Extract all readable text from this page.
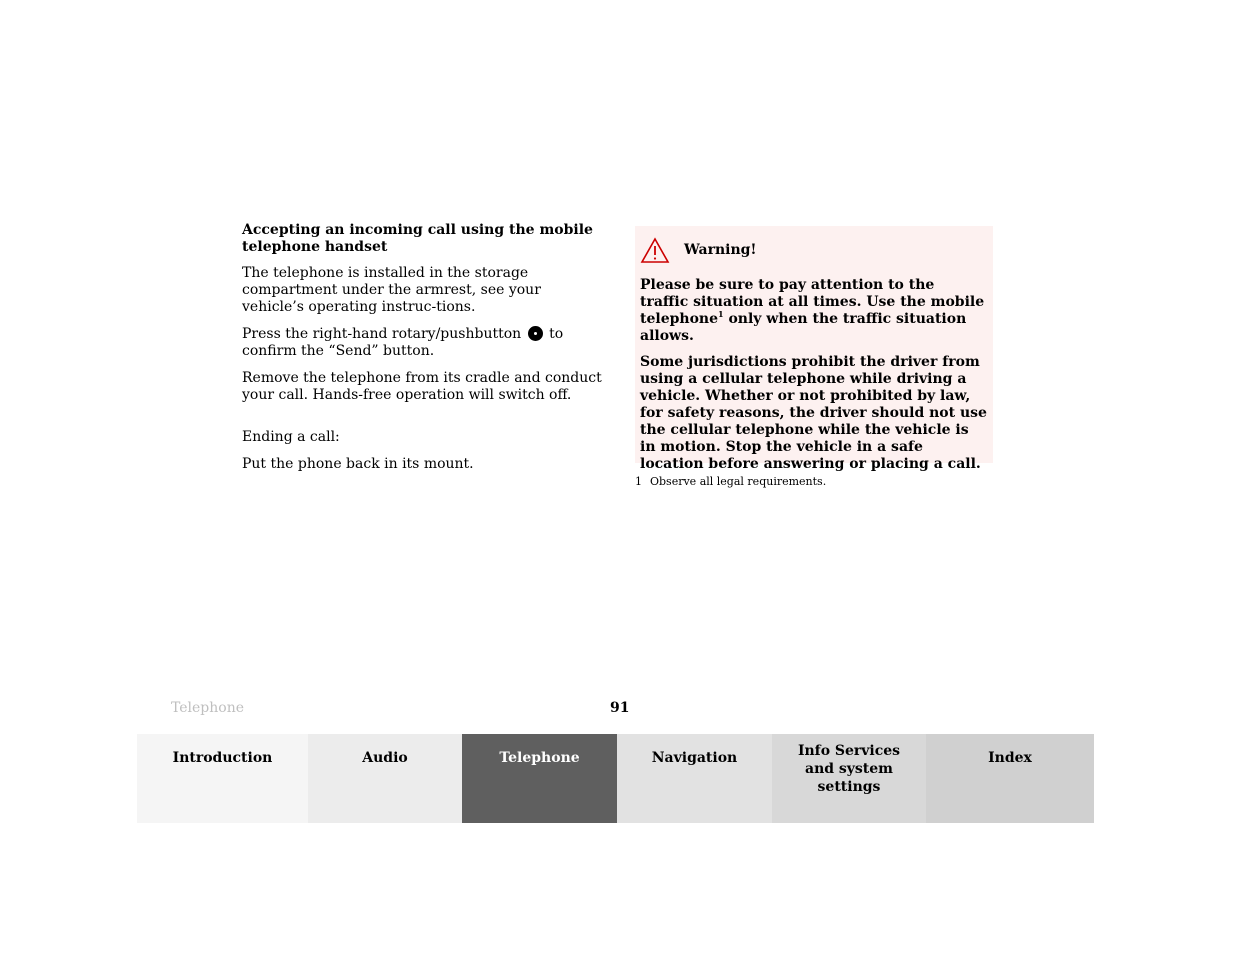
Accepting an incoming call using the mobile telephone handset

The telephone is installed in the storage compartment under the armrest, see your vehicle’s operating instruc-tions.

Press the right-hand rotary/pushbutton to confirm the “Send” button.

Remove the telephone from its cradle and conduct your call. Hands-free operation will switch off.

Ending a call:

Put the phone back in its mount.

Warning!

Please be sure to pay attention to the traffic situation at all times. Use the mobile telephone$^1$ only when the traffic situation allows.

Some jurisdictions prohibit the driver from using a cellular telephone while driving a vehicle. Whether or not prohibited by law, for safety reasons, the driver should not use the cellular telephone while the vehicle is in motion. Stop the vehicle in a safe location before answering or placing a call.

1 Observe all legal requirements.
Telephone	91
Introduction	Audio	Telephone	Navigation	Info Services and system settings
Index
